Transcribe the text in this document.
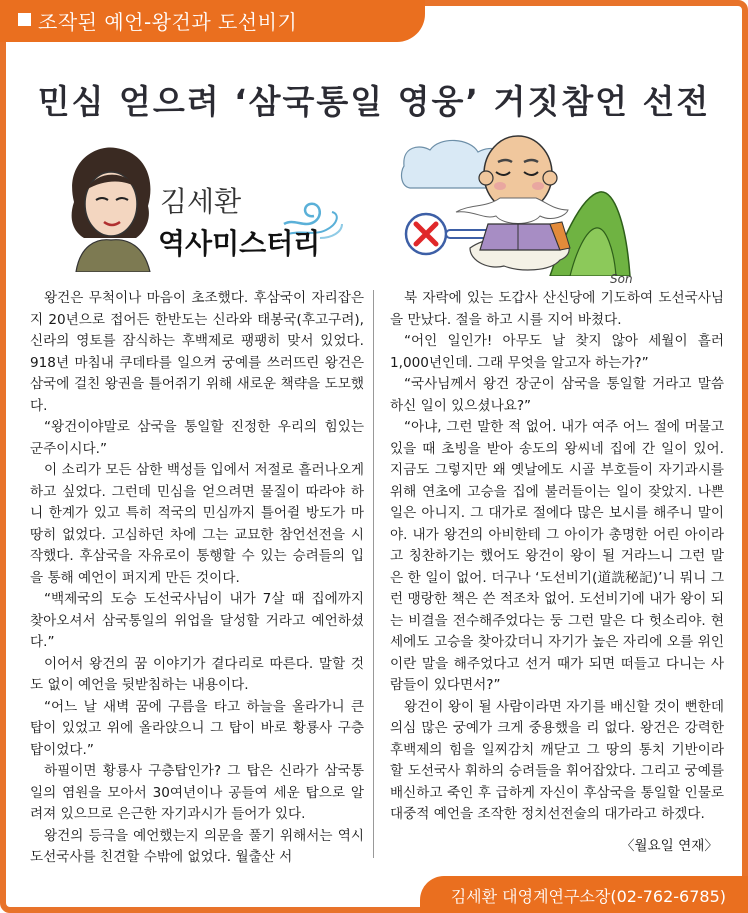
조작된 예언-왕건과 도선비기
민심 얻으려 ‘삼국통일 영웅’ 거짓참언 선전
김세환
역사미스터리
Son

왕건은 무척이나 마음이 초조했다. 후삼국이 자리잡은 지 20년으로 접어든 한반도는 신라와 태봉국(후고구려), 신라의 영토를 잠식하는 후백제로 팽팽히 맞서 있었다. 918년 마침내 쿠데타를 일으켜 궁예를 쓰러뜨린 왕건은 삼국에 걸친 왕권을 틀어쥐기 위해 새로운 책략을 도모했다.

“왕건이야말로 삼국을 통일할 진정한 우리의 힘있는 군주이시다.”

이 소리가 모든 삼한 백성들 입에서 저절로 흘러나오게 하고 싶었다. 그런데 민심을 얻으려면 물질이 따라야 하니 한계가 있고 특히 적국의 민심까지 틀어쥘 방도가 마땅히 없었다. 고심하던 차에 그는 교묘한 참언선전을 시작했다. 후삼국을 자유로이 통행할 수 있는 승려들의 입을 통해 예언이 퍼지게 만든 것이다.

“백제국의 도승 도선국사님이 내가 7살 때 집에까지 찾아오셔서 삼국통일의 위업을 달성할 거라고 예언하셨다.”

이어서 왕건의 꿈 이야기가 곁다리로 따른다. 말할 것도 없이 예언을 뒷받침하는 내용이다.

“어느 날 새벽 꿈에 구름을 타고 하늘을 올라가니 큰 탑이 있었고 위에 올라앉으니 그 탑이 바로 황룡사 구층탑이었다.”

하필이면 황룡사 구층탑인가? 그 탑은 신라가 삼국통일의 염원을 모아서 30여년이나 공들여 세운 탑으로 알려져 있으므로 은근한 자기과시가 들어가 있다.

왕건의 등극을 예언했는지 의문을 풀기 위해서는 역시 도선국사를 친견할 수밖에 없었다. 월출산 서

북 자락에 있는 도갑사 산신당에 기도하여 도선국사님을 만났다. 절을 하고 시를 지어 바쳤다.

“어인 일인가! 아무도 날 찾지 않아 세월이 흘러 1,000년인데. 그래 무엇을 알고자 하는가?”

“국사님께서 왕건 장군이 삼국을 통일할 거라고 말씀하신 일이 있으셨나요?”

“아냐, 그런 말한 적 없어. 내가 여주 어느 절에 머물고 있을 때 초빙을 받아 송도의 왕씨네 집에 간 일이 있어. 지금도 그렇지만 왜 옛날에도 시골 부호들이 자기과시를 위해 연초에 고승을 집에 불러들이는 일이 잦았지. 나쁜 일은 아니지. 그 대가로 절에다 많은 보시를 해주니 말이야. 내가 왕건의 아비한테 그 아이가 총명한 어린 아이라고 칭찬하기는 했어도 왕건이 왕이 될 거라느니 그런 말은 한 일이 없어. 더구나 ‘도선비기(道詵秘記)’니 뭐니 그런 맹랑한 책은 쓴 적조차 없어. 도선비기에 내가 왕이 되는 비결을 전수해주었다는 둥 그런 말은 다 헛소리야. 현세에도 고승을 찾아갔더니 자기가 높은 자리에 오를 위인이란 말을 해주었다고 선거 때가 되면 떠들고 다니는 사람들이 있다면서?”

왕건이 왕이 될 사람이라면 자기를 배신할 것이 뻔한데 의심 많은 궁예가 크게 중용했을 리 없다. 왕건은 강력한 후백제의 힘을 일찌감치 깨닫고 그 땅의 통치 기반이라 할 도선국사 휘하의 승려들을 휘어잡았다. 그리고 궁예를 배신하고 죽인 후 급하게 자신이 후삼국을 통일할 인물로 대중적 예언을 조작한 정치선전술의 대가라고 하겠다.

〈월요일 연재〉
김세환 대영계연구소장(02-762-6785)
